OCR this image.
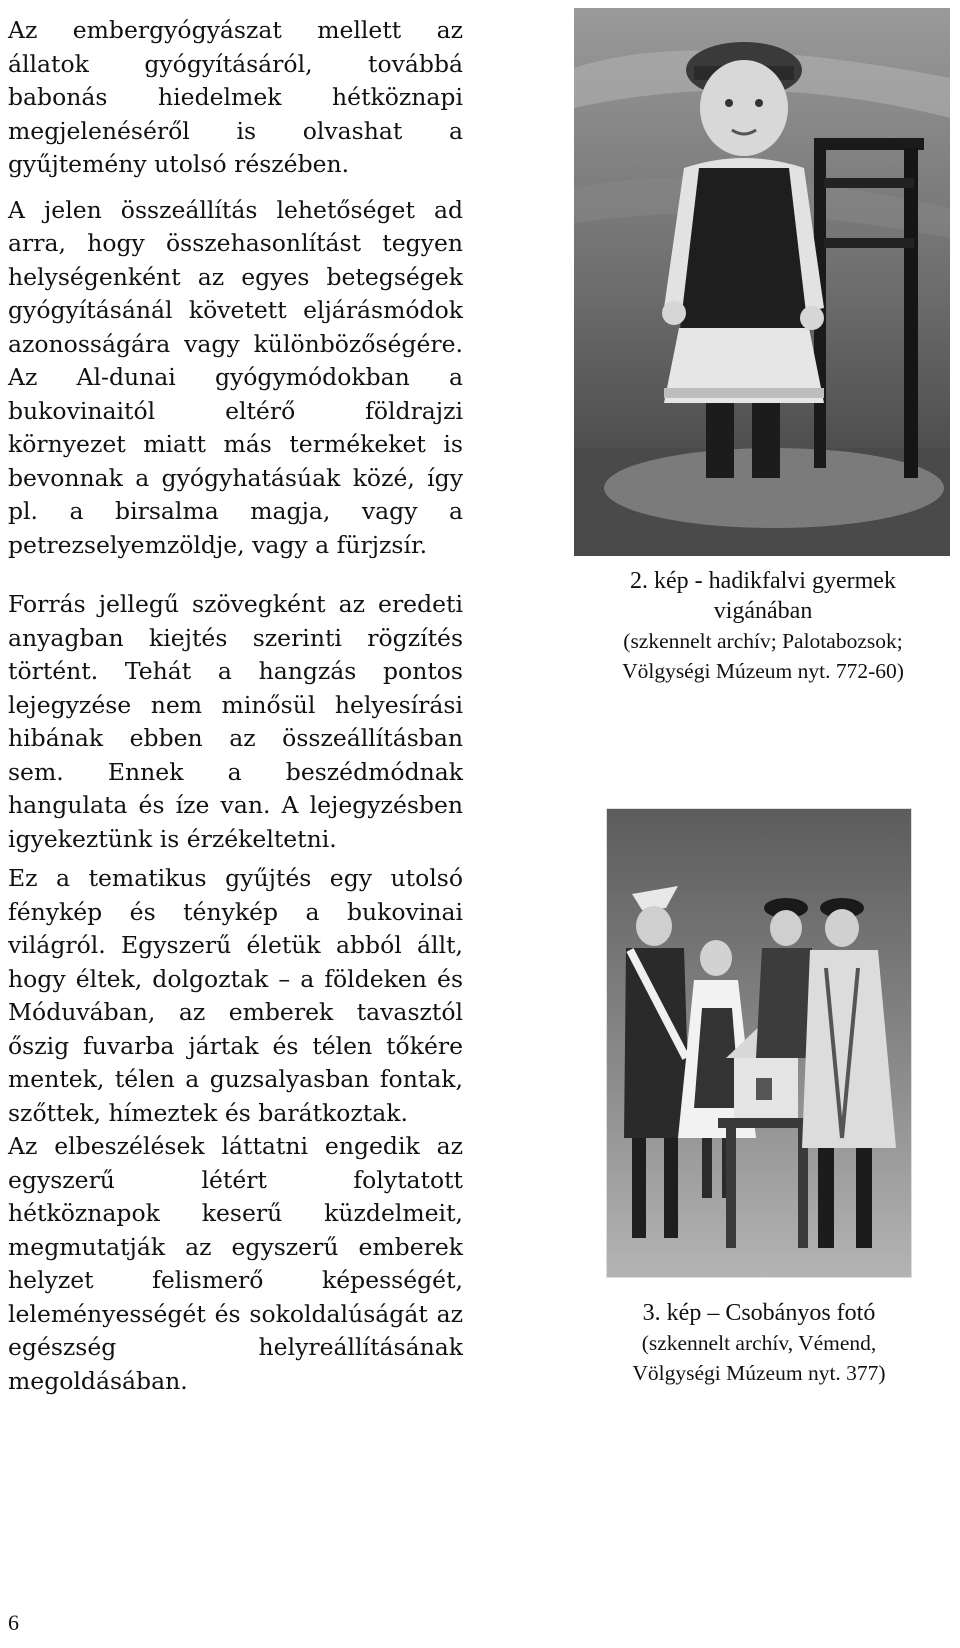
Az embergyógyászat mellett az állatok gyógyításáról, továbbá babonás hiedelmek hétköznapi megjelenéséről is olvashat a gyűjtemény utolsó részében.

A jelen összeállítás lehetőséget ad arra, hogy összehasonlítást tegyen helységenként az egyes betegségek gyógyításánál követett eljárásmódok azonosságára vagy különbözőségére. Az Al-dunai gyógymódokban a bukovinaitól eltérő földrajzi környezet miatt más termékeket is bevonnak a gyógyhatásúak közé, így pl. a birsalma magja, vagy a petrezselyemzöldje, vagy a fürjzsír.

Forrás jellegű szövegként az eredeti anyagban kiejtés szerinti rögzítés történt. Tehát a hangzás pontos lejegyzése nem minősül helyesírási hibának ebben az összeállításban sem. Ennek a beszédmódnak hangulata és íze van. A lejegyzésben igyekeztünk is érzékeltetni.

Ez a tematikus gyűjtés egy utolsó fénykép és ténykép a bukovinai világról. Egyszerű életük abból állt, hogy éltek, dolgoztak – a földeken és Móduvában, az emberek tavasztól őszig fuvarba jártak és télen tőkére mentek, télen a guzsalyasban fontak, szőttek, hímeztek és barátkoztak.

Az elbeszélések láttatni engedik az egyszerű létért folytatott hétköznapok keserű küzdelmeit, megmutatják az egyszerű emberek helyzet felismerő képességét, leleményességét és sokoldalúságát az egészség helyreállításának megoldásában.

2. kép - hadikfalvi gyermek
vigánában
(szkennelt archív; Palotabozsok;
Völgységi Múzeum nyt. 772-60)
3. kép – Csobányos fotó
(szkennelt archív, Vémend,
Völgységi Múzeum nyt. 377)
6
